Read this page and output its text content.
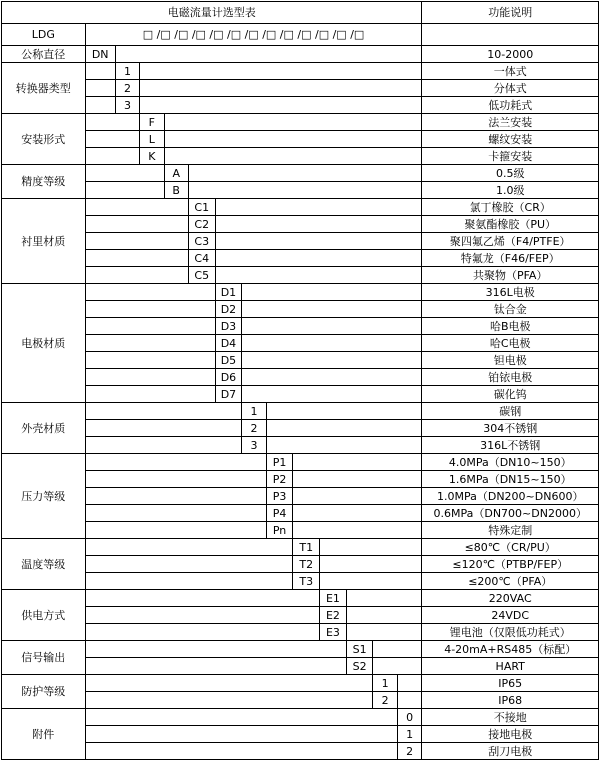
电磁流量计选型表														功能说明
LDG	□ /□ /□ /□ /□ /□ /□ /□ /□ /□ /□ /□ /□													
公称直径	DN													10-2000
转换器类型		1												一体式
		2												分体式
		3												低功耗式
安装形式			F											法兰安装
			L											螺纹安装
			K											卡箍安装
精度等级				A										0.5级
				B										1.0级
衬里材质					C1									氯丁橡胶（CR）
					C2									聚氨酯橡胶（PU）
					C3									聚四氟乙烯（F4/PTFE）
					C4									特氟龙（F46/FEP）
					C5									共聚物（PFA）
电极材质						D1								316L电极
						D2								钛合金
						D3								哈B电极
						D4								哈C电极
						D5								钽电极
						D6								铂铱电极
						D7								碳化钨
外壳材质							1							碳钢
							2							304不锈钢
							3							316L不锈钢
压力等级								P1						4.0MPa（DN10~150）
								P2						1.6MPa（DN15~150）
								P3						1.0MPa（DN200~DN600）
								P4						0.6MPa（DN700~DN2000）
								Pn						特殊定制
温度等级									T1					≤80℃（CR/PU）
									T2					≤120℃（PTBP/FEP）
									T3					≤200℃（PFA）
供电方式										E1				220VAC
										E2				24VDC
										E3				锂电池（仅限低功耗式）
信号输出											S1			4-20mA+RS485（标配）
											S2			HART
防护等级												1		IP65
												2		IP68
附件													0	不接地
													1	接地电极
													2	刮刀电极
